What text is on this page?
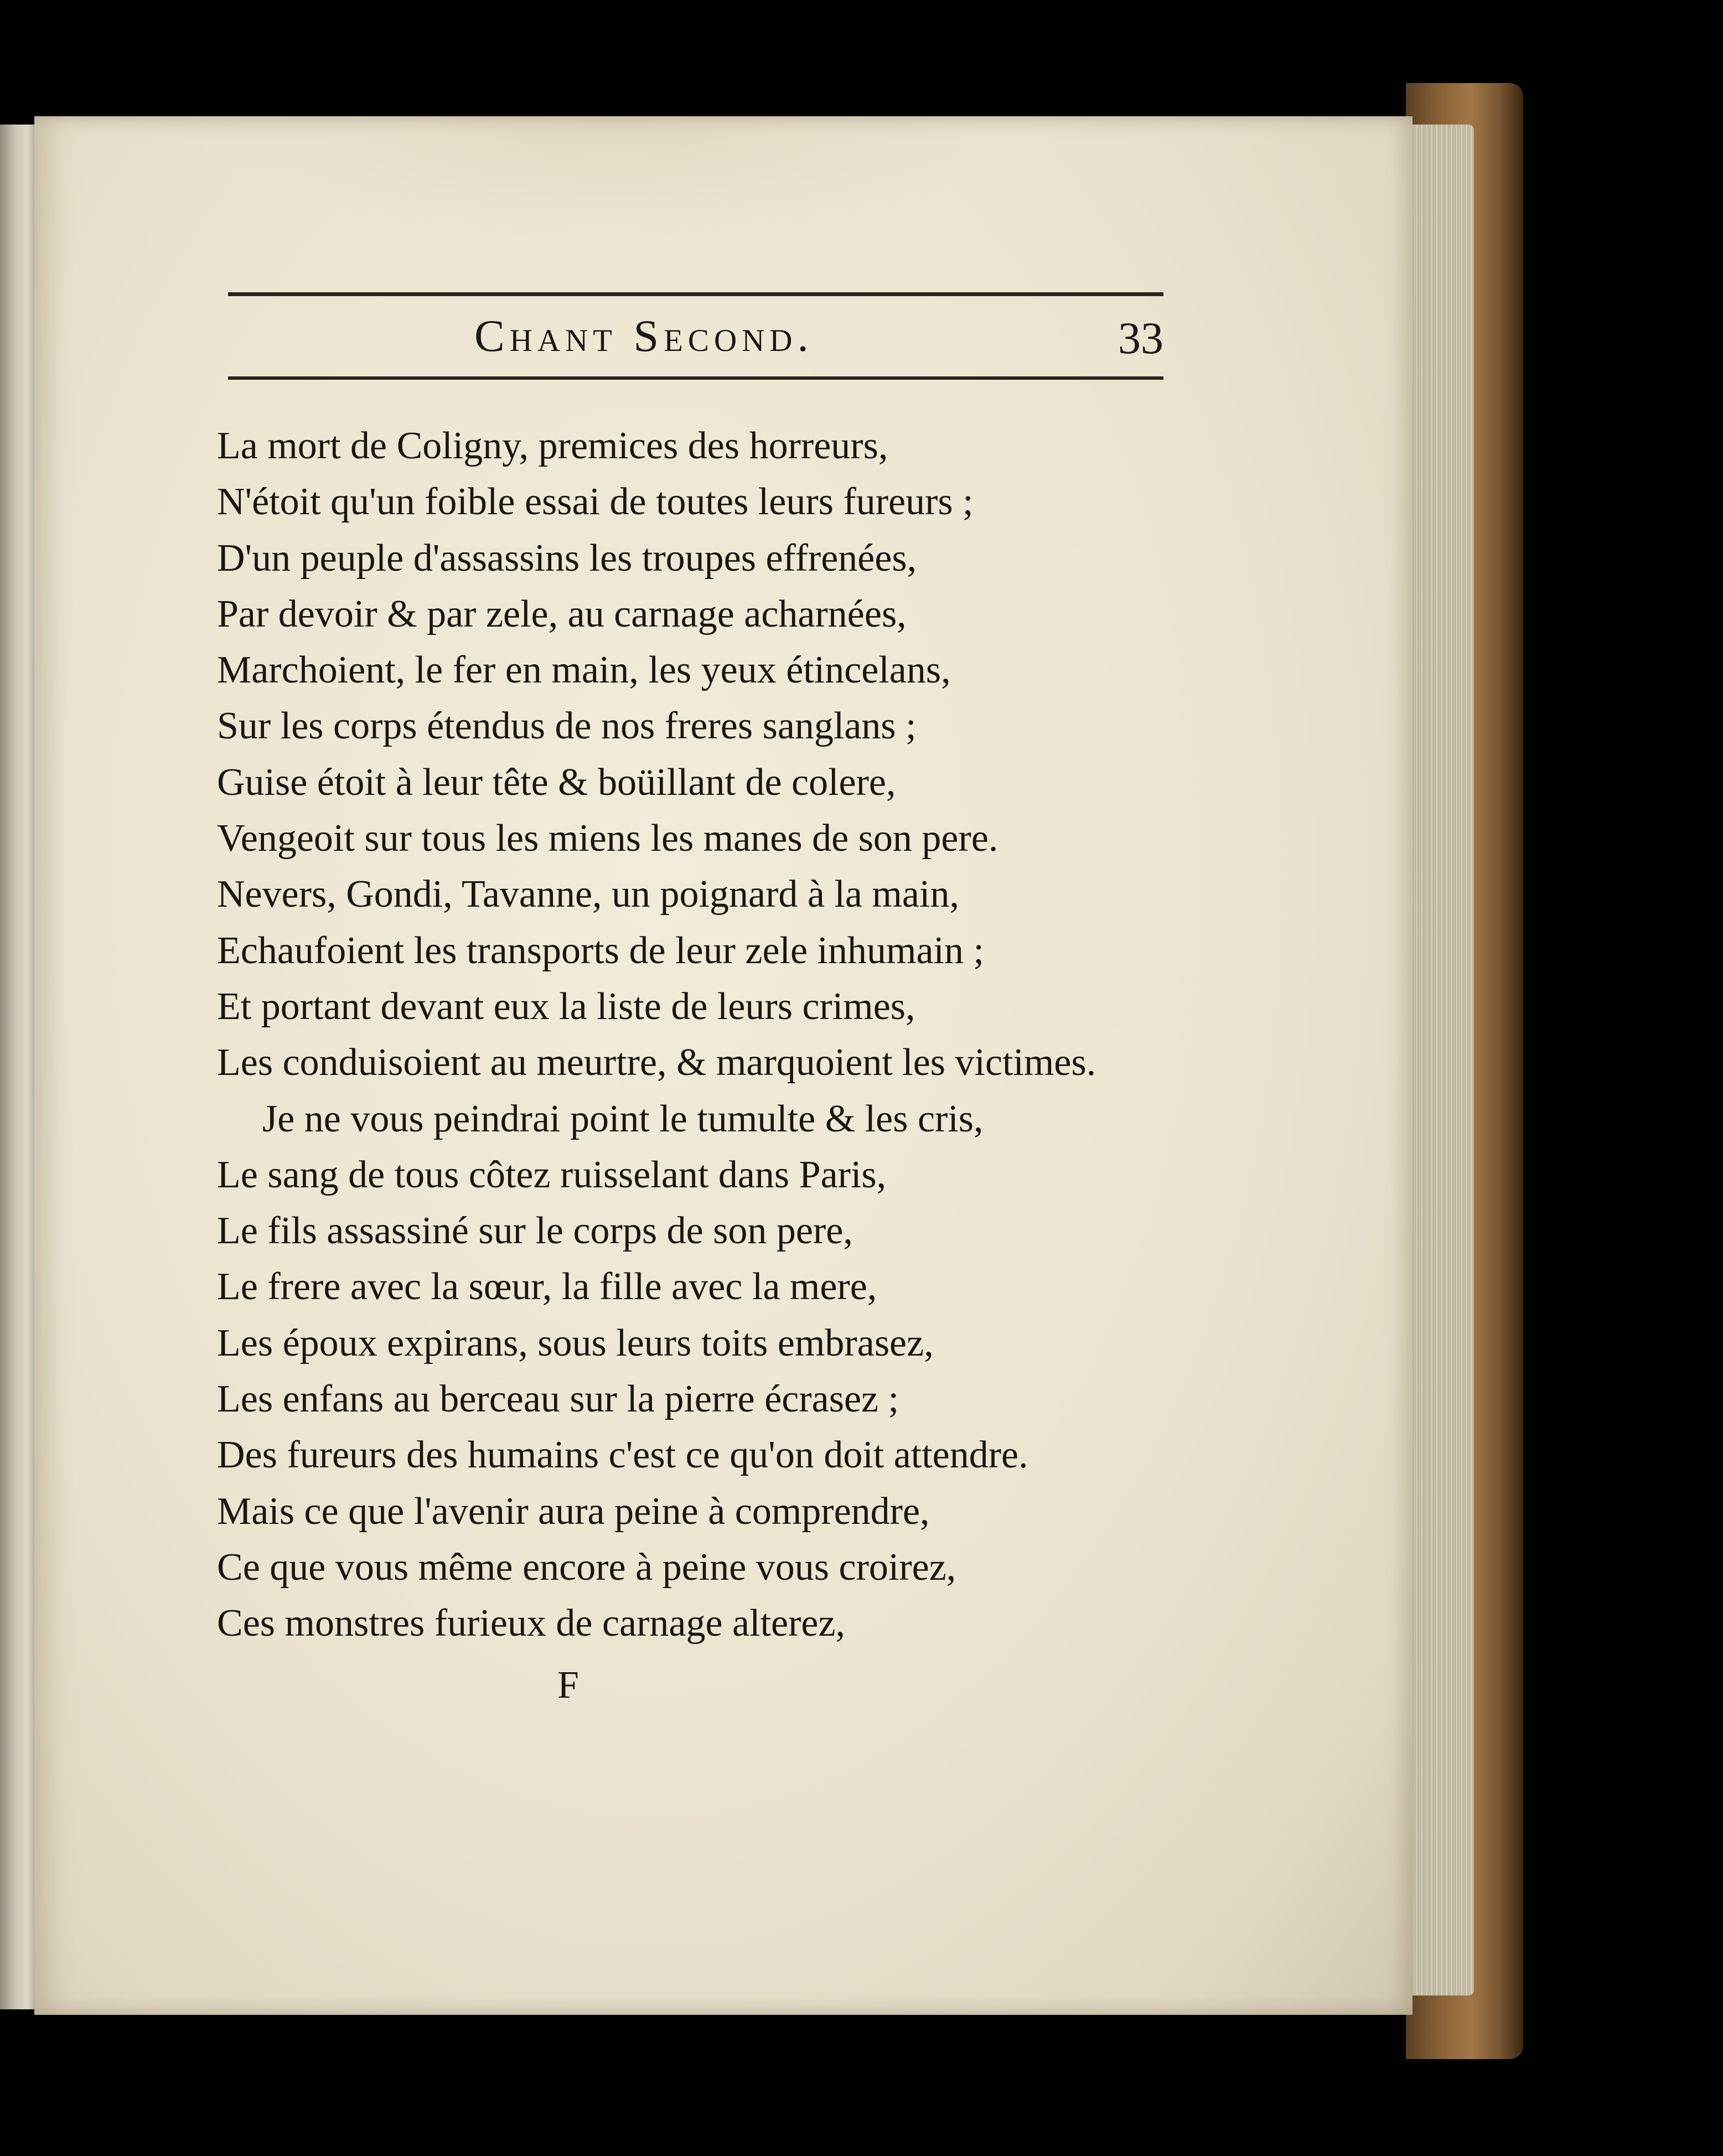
Chant Second.	33
La mort de Coligny, premices des horreurs,
N'étoit qu'un foible essai de toutes leurs fureurs ;
D'un peuple d'assassins les troupes effrenées,
Par devoir & par zele, au carnage acharnées,
Marchoient, le fer en main, les yeux étincelans,
Sur les corps étendus de nos freres sanglans ;
Guise étoit à leur tête & boüillant de colere,
Vengeoit sur tous les miens les manes de son pere.
Nevers, Gondi, Tavanne, un poignard à la main,
Echaufoient les transports de leur zele inhumain ;
Et portant devant eux la liste de leurs crimes,
Les conduisoient au meurtre, & marquoient les victimes.
Je ne vous peindrai point le tumulte & les cris,
Le sang de tous côtez ruisselant dans Paris,
Le fils assassiné sur le corps de son pere,
Le frere avec la sœur, la fille avec la mere,
Les époux expirans, sous leurs toits embrasez,
Les enfans au berceau sur la pierre écrasez ;
Des fureurs des humains c'est ce qu'on doit attendre.
Mais ce que l'avenir aura peine à comprendre,
Ce que vous même encore à peine vous croirez,
Ces monstres furieux de carnage alterez,
F
